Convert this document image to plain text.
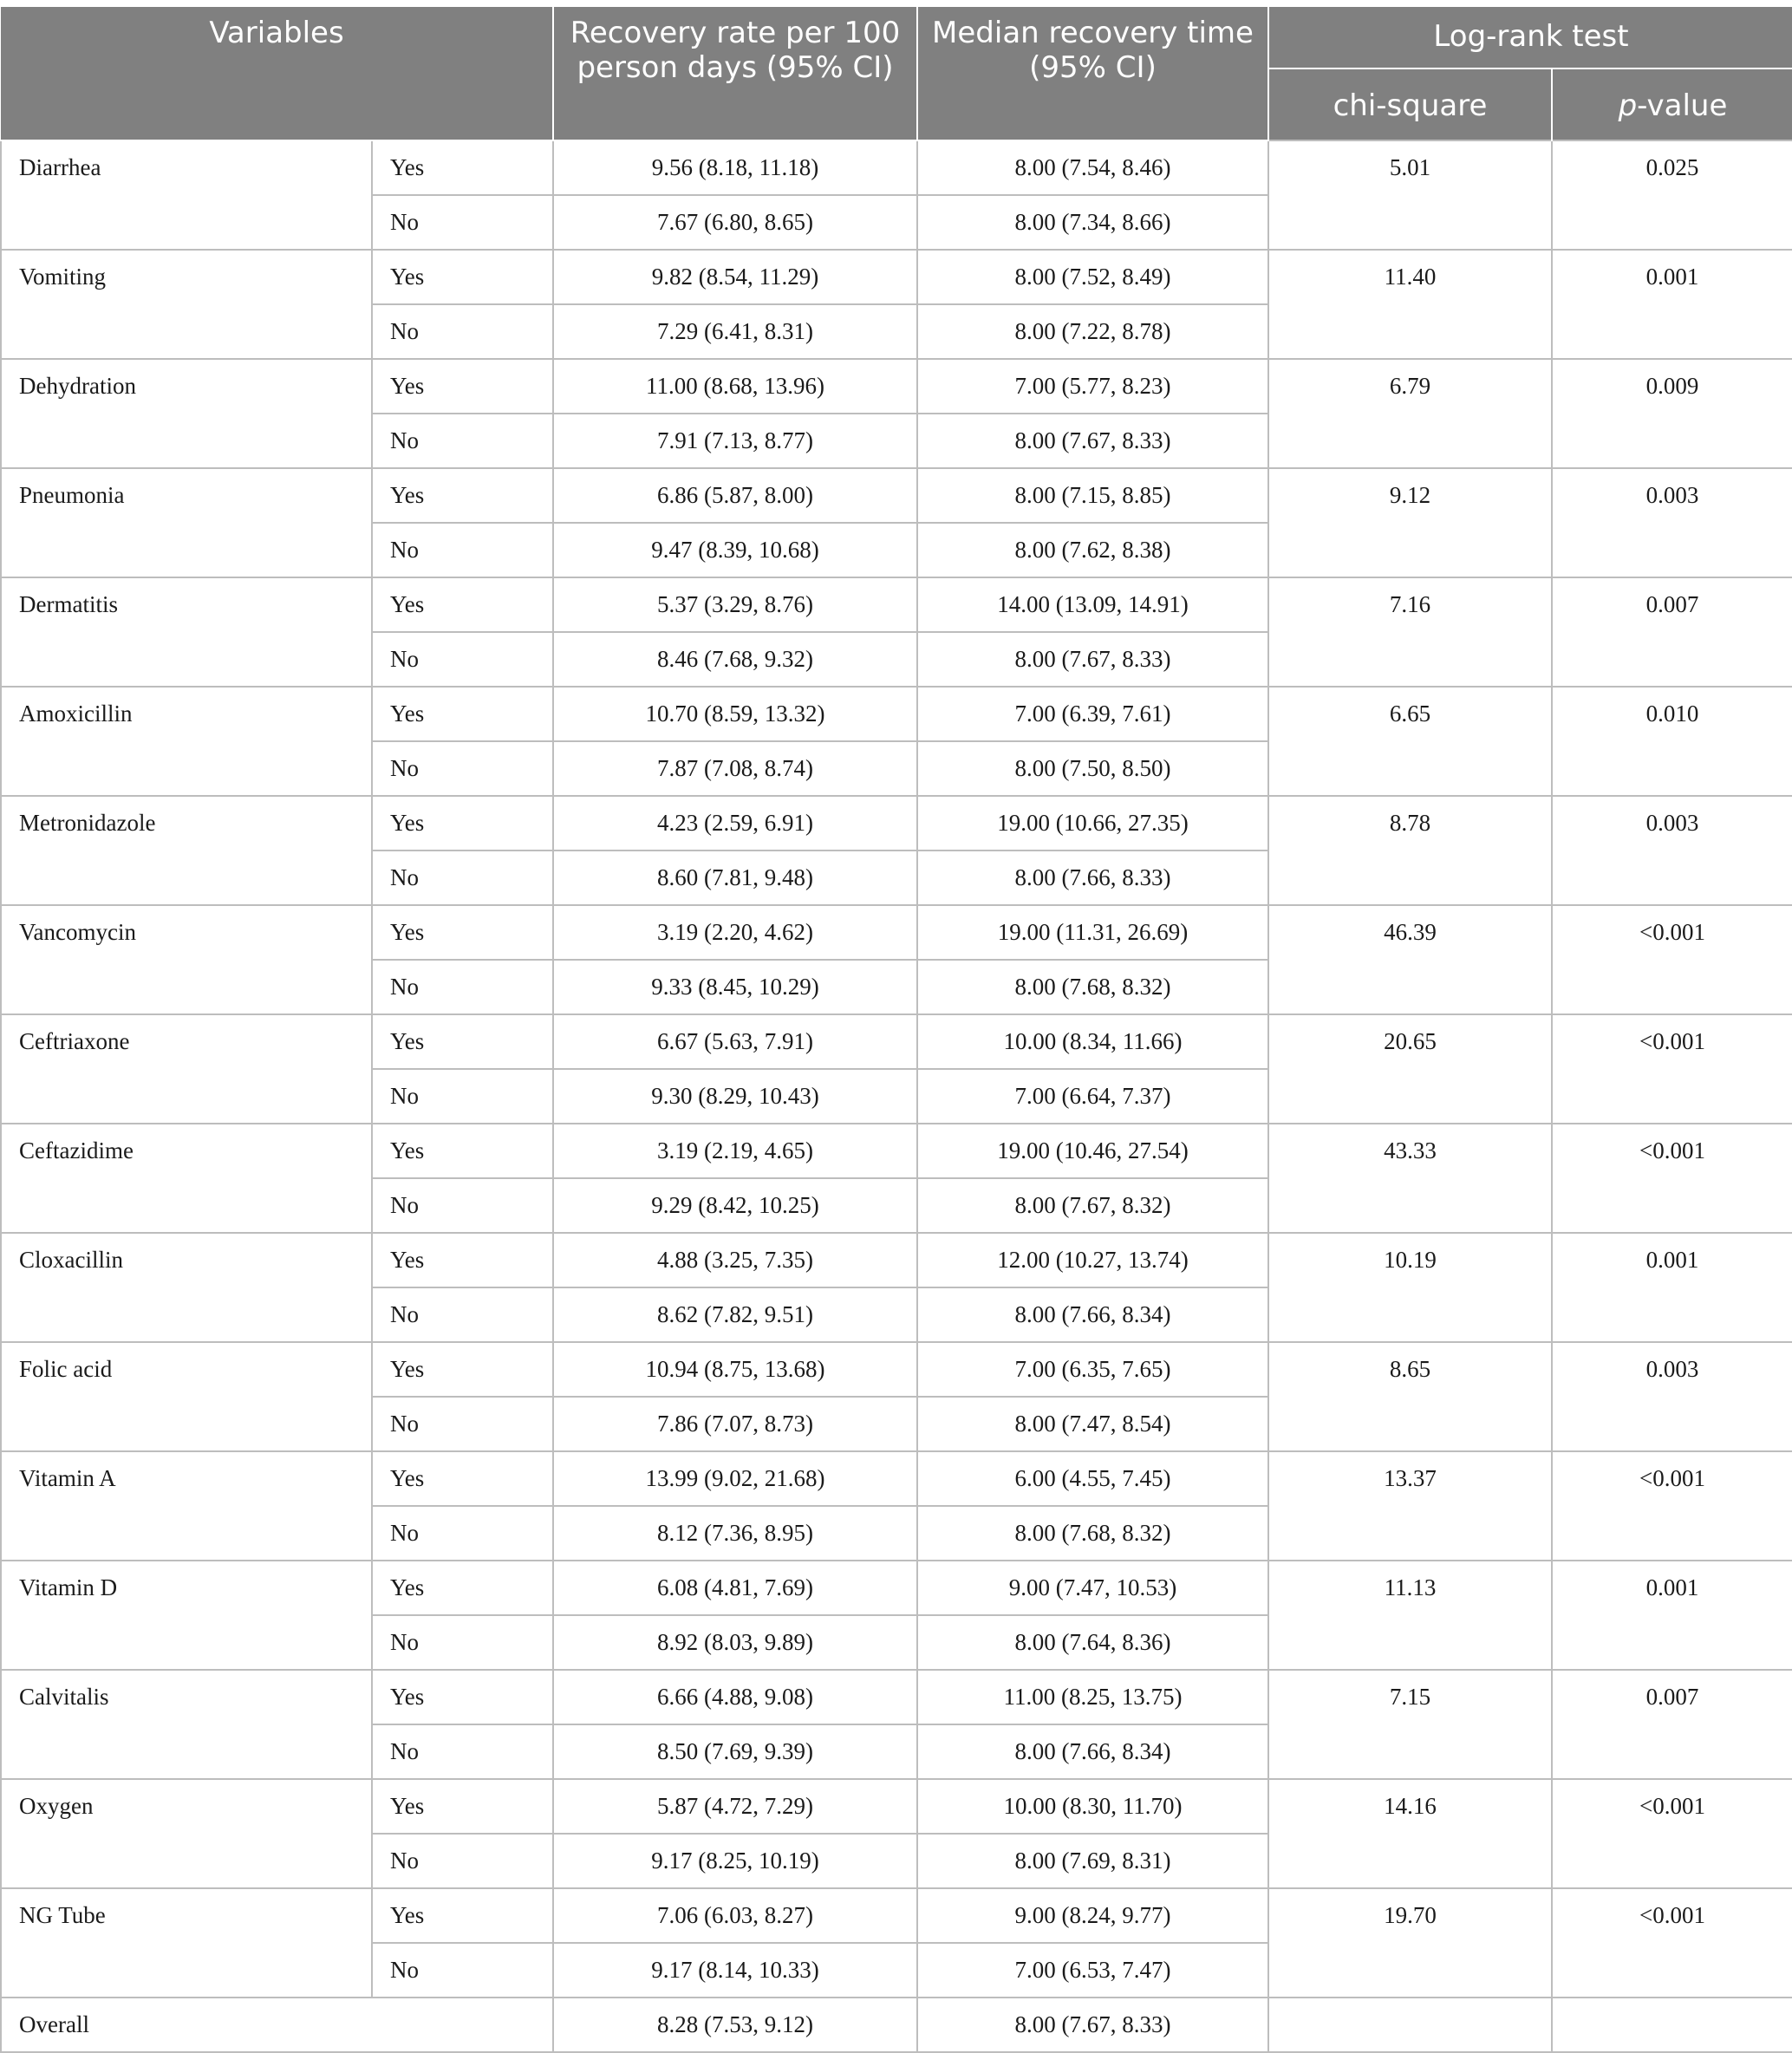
Variables		Recovery rate per 100 person days (95% CI)	Median recovery time (95% CI)	Log-rank test	
				chi-square	p-value
Diarrhea	Yes	9.56 (8.18, 11.18)	8.00 (7.54, 8.46)	5.01	0.025
	No	7.67 (6.80, 8.65)	8.00 (7.34, 8.66)		
Vomiting	Yes	9.82 (8.54, 11.29)	8.00 (7.52, 8.49)	11.40	0.001
	No	7.29 (6.41, 8.31)	8.00 (7.22, 8.78)		
Dehydration	Yes	11.00 (8.68, 13.96)	7.00 (5.77, 8.23)	6.79	0.009
	No	7.91 (7.13, 8.77)	8.00 (7.67, 8.33)		
Pneumonia	Yes	6.86 (5.87, 8.00)	8.00 (7.15, 8.85)	9.12	0.003
	No	9.47 (8.39, 10.68)	8.00 (7.62, 8.38)		
Dermatitis	Yes	5.37 (3.29, 8.76)	14.00 (13.09, 14.91)	7.16	0.007
	No	8.46 (7.68, 9.32)	8.00 (7.67, 8.33)		
Amoxicillin	Yes	10.70 (8.59, 13.32)	7.00 (6.39, 7.61)	6.65	0.010
	No	7.87 (7.08, 8.74)	8.00 (7.50, 8.50)		
Metronidazole	Yes	4.23 (2.59, 6.91)	19.00 (10.66, 27.35)	8.78	0.003
	No	8.60 (7.81, 9.48)	8.00 (7.66, 8.33)		
Vancomycin	Yes	3.19 (2.20, 4.62)	19.00 (11.31, 26.69)	46.39	<0.001
	No	9.33 (8.45, 10.29)	8.00 (7.68, 8.32)		
Ceftriaxone	Yes	6.67 (5.63, 7.91)	10.00 (8.34, 11.66)	20.65	<0.001
	No	9.30 (8.29, 10.43)	7.00 (6.64, 7.37)		
Ceftazidime	Yes	3.19 (2.19, 4.65)	19.00 (10.46, 27.54)	43.33	<0.001
	No	9.29 (8.42, 10.25)	8.00 (7.67, 8.32)		
Cloxacillin	Yes	4.88 (3.25, 7.35)	12.00 (10.27, 13.74)	10.19	0.001
	No	8.62 (7.82, 9.51)	8.00 (7.66, 8.34)		
Folic acid	Yes	10.94 (8.75, 13.68)	7.00 (6.35, 7.65)	8.65	0.003
	No	7.86 (7.07, 8.73)	8.00 (7.47, 8.54)		
Vitamin A	Yes	13.99 (9.02, 21.68)	6.00 (4.55, 7.45)	13.37	<0.001
	No	8.12 (7.36, 8.95)	8.00 (7.68, 8.32)		
Vitamin D	Yes	6.08 (4.81, 7.69)	9.00 (7.47, 10.53)	11.13	0.001
	No	8.92 (8.03, 9.89)	8.00 (7.64, 8.36)		
Calvitalis	Yes	6.66 (4.88, 9.08)	11.00 (8.25, 13.75)	7.15	0.007
	No	8.50 (7.69, 9.39)	8.00 (7.66, 8.34)		
Oxygen	Yes	5.87 (4.72, 7.29)	10.00 (8.30, 11.70)	14.16	<0.001
	No	9.17 (8.25, 10.19)	8.00 (7.69, 8.31)		
NG Tube	Yes	7.06 (6.03, 8.27)	9.00 (8.24, 9.77)	19.70	<0.001
	No	9.17 (8.14, 10.33)	7.00 (6.53, 7.47)		
Overall		8.28 (7.53, 9.12)	8.00 (7.67, 8.33)		
